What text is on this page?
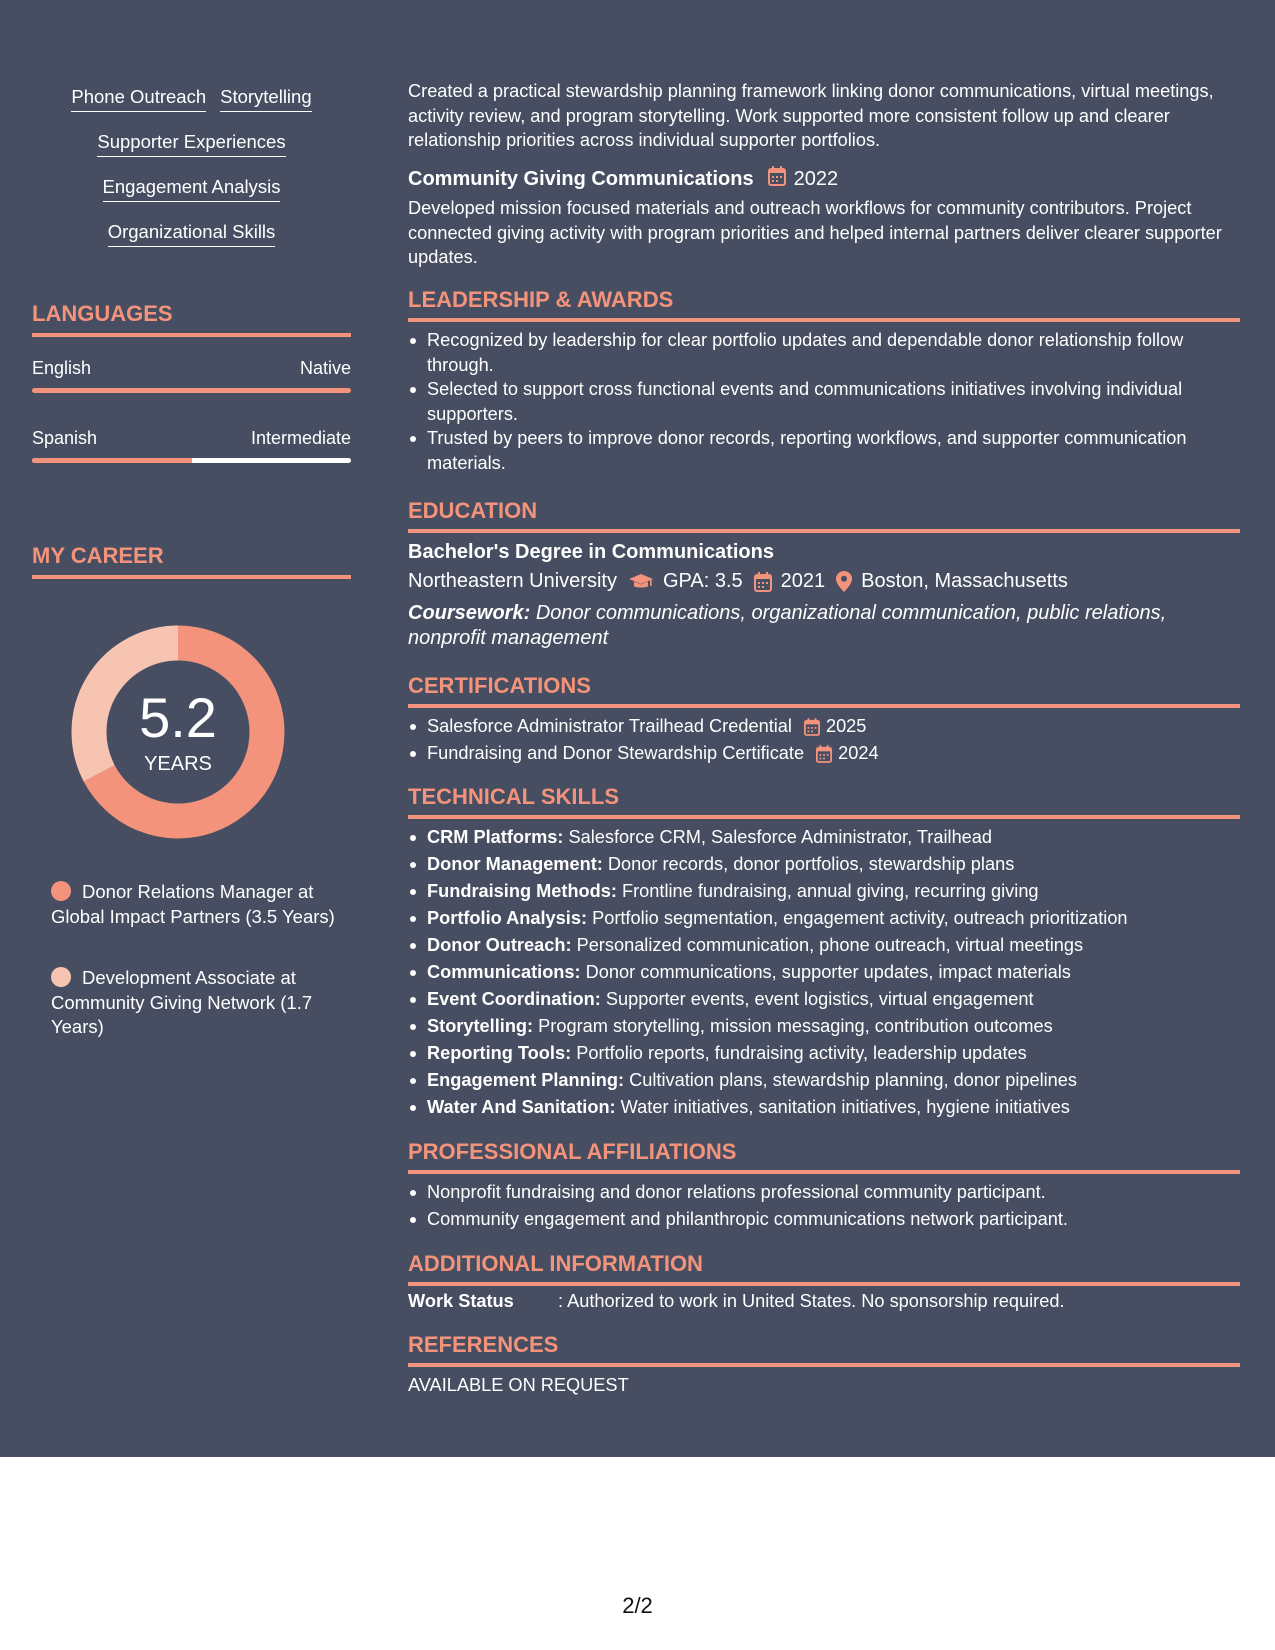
Phone Outreach Storytelling
Supporter Experiences
Engagement Analysis
Organizational Skills
LANGUAGES
English	Native
Spanish	Intermediate
MY CAREER
5.2
YEARS
Donor Relations Manager at Global Impact Partners (3.5 Years)
Development Associate at Community Giving Network (1.7 Years)
Created a practical stewardship planning framework linking donor communications, virtual meetings, activity review, and program storytelling. Work supported more consistent follow up and clearer relationship priorities across individual supporter portfolios.
Community Giving Communications 2022
Developed mission focused materials and outreach workflows for community contributors. Project connected giving activity with program priorities and helped internal partners deliver clearer supporter updates.
LEADERSHIP & AWARDS
Recognized by leadership for clear portfolio updates and dependable donor relationship follow through.
Selected to support cross functional events and communications initiatives involving individual supporters.
Trusted by peers to improve donor records, reporting workflows, and supporter communication materials.
EDUCATION
Bachelor's Degree in Communications
Northeastern University GPA: 3.5 2021 Boston, Massachusetts
Coursework: Donor communications, organizational communication, public relations, nonprofit management
CERTIFICATIONS
Salesforce Administrator Trailhead Credential 2025
Fundraising and Donor Stewardship Certificate 2024
TECHNICAL SKILLS
CRM Platforms: Salesforce CRM, Salesforce Administrator, Trailhead
Donor Management: Donor records, donor portfolios, stewardship plans
Fundraising Methods: Frontline fundraising, annual giving, recurring giving
Portfolio Analysis: Portfolio segmentation, engagement activity, outreach prioritization
Donor Outreach: Personalized communication, phone outreach, virtual meetings
Communications: Donor communications, supporter updates, impact materials
Event Coordination: Supporter events, event logistics, virtual engagement
Storytelling: Program storytelling, mission messaging, contribution outcomes
Reporting Tools: Portfolio reports, fundraising activity, leadership updates
Engagement Planning: Cultivation plans, stewardship planning, donor pipelines
Water And Sanitation: Water initiatives, sanitation initiatives, hygiene initiatives
PROFESSIONAL AFFILIATIONS
Nonprofit fundraising and donor relations professional community participant.
Community engagement and philanthropic communications network participant.
ADDITIONAL INFORMATION
Work Status	: Authorized to work in United States. No sponsorship required.
REFERENCES
AVAILABLE ON REQUEST
2/2
